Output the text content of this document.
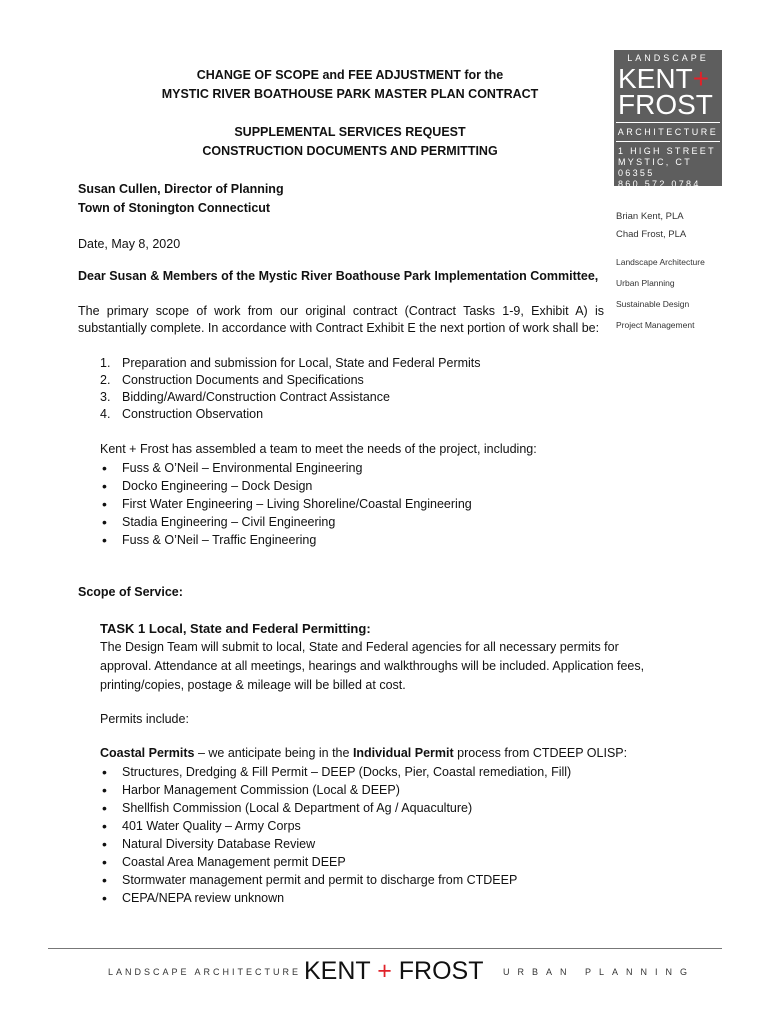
CHANGE OF SCOPE and FEE ADJUSTMENT for the
MYSTIC RIVER BOATHOUSE PARK MASTER PLAN CONTRACT
SUPPLEMENTAL SERVICES REQUEST
CONSTRUCTION DOCUMENTS AND PERMITTING
Susan Cullen, Director of Planning
Town of Stonington Connecticut
Date, May 8, 2020
Dear Susan & Members of the Mystic River Boathouse Park Implementation Committee,
The primary scope of work from our original contract (Contract Tasks 1-9, Exhibit A) is substantially complete. In accordance with Contract Exhibit E the next portion of work shall be:
1. Preparation and submission for Local, State and Federal Permits
2. Construction Documents and Specifications
3. Bidding/Award/Construction Contract Assistance
4. Construction Observation
Kent + Frost has assembled a team to meet the needs of the project, including:
• Fuss & O’Neil – Environmental Engineering
• Docko Engineering – Dock Design
• First Water Engineering – Living Shoreline/Coastal Engineering
• Stadia Engineering – Civil Engineering
• Fuss & O’Neil – Traffic Engineering
Scope of Service:
TASK 1 Local, State and Federal Permitting:
The Design Team will submit to local, State and Federal agencies for all necessary permits for approval. Attendance at all meetings, hearings and walkthroughs will be included. Application fees, printing/copies, postage & mileage will be billed at cost.
Permits include:
Coastal Permits – we anticipate being in the Individual Permit process from CTDEEP OLISP:
• Structures, Dredging & Fill Permit – DEEP (Docks, Pier, Coastal remediation, Fill)
• Harbor Management Commission (Local & DEEP)
• Shellfish Commission (Local & Department of Ag / Aquaculture)
• 401 Water Quality – Army Corps
• Natural Diversity Database Review
• Coastal Area Management permit DEEP
• Stormwater management permit and permit to discharge from CTDEEP
• CEPA/NEPA review unknown
LANDSCAPE
KENT+
FROST
ARCHITECTURE
1 HIGH STREET
MYSTIC, CT 06355
860.572.0784
kentfrost.com
Brian Kent, PLA
Chad Frost, PLA
Landscape Architecture
Urban Planning
Sustainable Design
Project Management
LANDSCAPE ARCHITECTURE KENT + FROST URBAN PLANNING
